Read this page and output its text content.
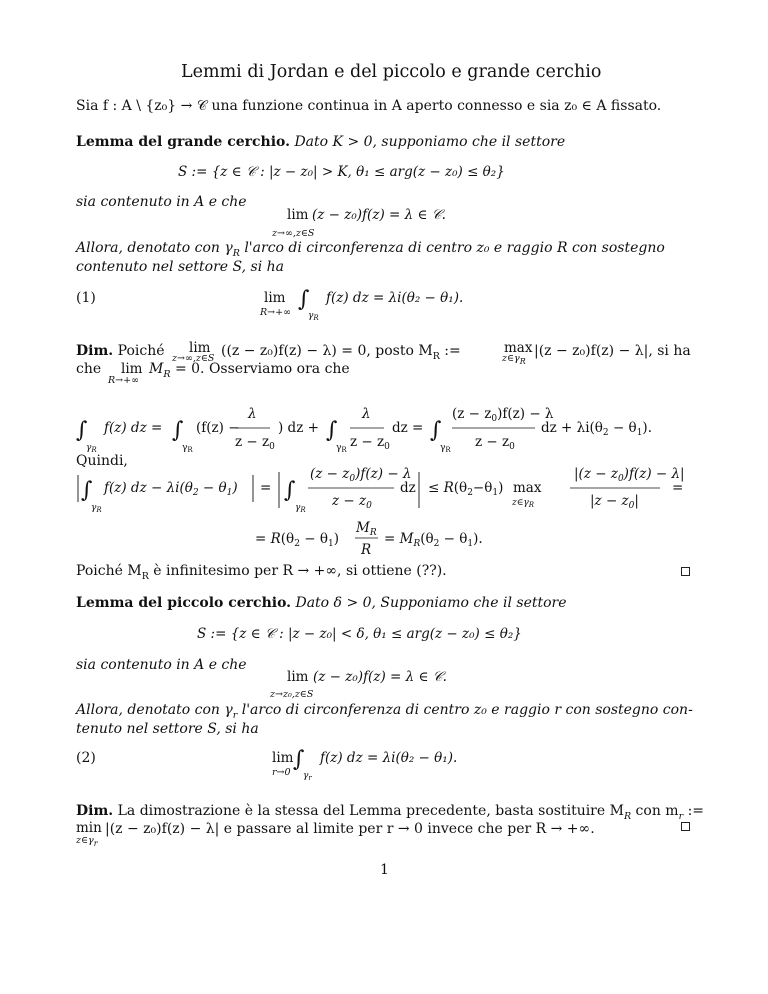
Lemmi di Jordan e del piccolo e grande cerchio
Sia f : A \ {z₀} → 𝒞 una funzione continua in A aperto connesso e sia z₀ ∈ A fissato.
Lemma del grande cerchio. Dato K > 0, supponiamo che il settore
S := {z ∈ 𝒞 : |z − z₀| > K, θ₁ ≤ arg(z − z₀) ≤ θ₂}
sia contenuto in A e che
lim (z − z₀)f(z) = λ ∈ 𝒞.
z→∞,z∈S
Allora, denotato con $\gamma_R$ l'arco di circonferenza di centro z₀ e raggio R con sostegno
contenuto nel settore S, si ha
(1)	lim
R→+∞
f(z) dz = λi(θ₂ − θ₁).
Dim. Poiché lim
z→∞,z∈S ((z − z₀)f(z) − λ) = 0, posto $M_R$ :=	max
$z\in\gamma_R$
|(z − z₀)f(z) − λ|, si ha
che lim
R→+∞
$M_R = 0$. Osserviamo ora che
∫
$\gamma_R$
f(z) dz = ∫
$\gamma_R$
(f(z) −
λ
$z - z_0$
) dz + ∫
$\gamma_R$
λ
$z - z_0$
dz = ∫
$\gamma_R$
$(z - z_0)f(z) - \lambda$
$z - z_0$
dz + $\lambda i(\theta_2 - \theta_1)$.
∫
$\gamma_R$
f(z) dz − $\lambda i(\theta_2 - \theta_1)$ = ∫
$\gamma_R$
$(z - z_0)f(z) - \lambda$
$z - z_0$
dz ≤ $R(\theta_2-\theta_1)$ max
$z\in\gamma_R$
$|(z - z_0)f(z) - \lambda|$
$|z - z_0|$
=
= $R(\theta_2 - \theta_1)$
$M_R$
R
= $M_R(\theta_2 - \theta_1)$.
∫
$\gamma_r$
∫
$\gamma_R$
Quindi,
Poiché $M_R$ è infinitesimo per R → +∞, si ottiene (??).
Lemma del piccolo cerchio. Dato δ > 0, Supponiamo che il settore
S := {z ∈ 𝒞 : |z − z₀| < δ, θ₁ ≤ arg(z − z₀) ≤ θ₂}
sia contenuto in A e che
lim (z − z₀)f(z) = λ ∈ 𝒞.
z→z₀,z∈S
Allora, denotato con $\gamma_r$ l'arco di circonferenza di centro z₀ e raggio r con sostegno con-
tenuto nel settore S, si ha
(2)	lim
r→0
f(z) dz = λi(θ₂ − θ₁).
Dim. La dimostrazione è la stessa del Lemma precedente, basta sostituire $M_R$ con $m_r$ :=
min
$z\in\gamma_r$
|(z − z₀)f(z) − λ| e passare al limite per r → 0 invece che per R → +∞.
1
